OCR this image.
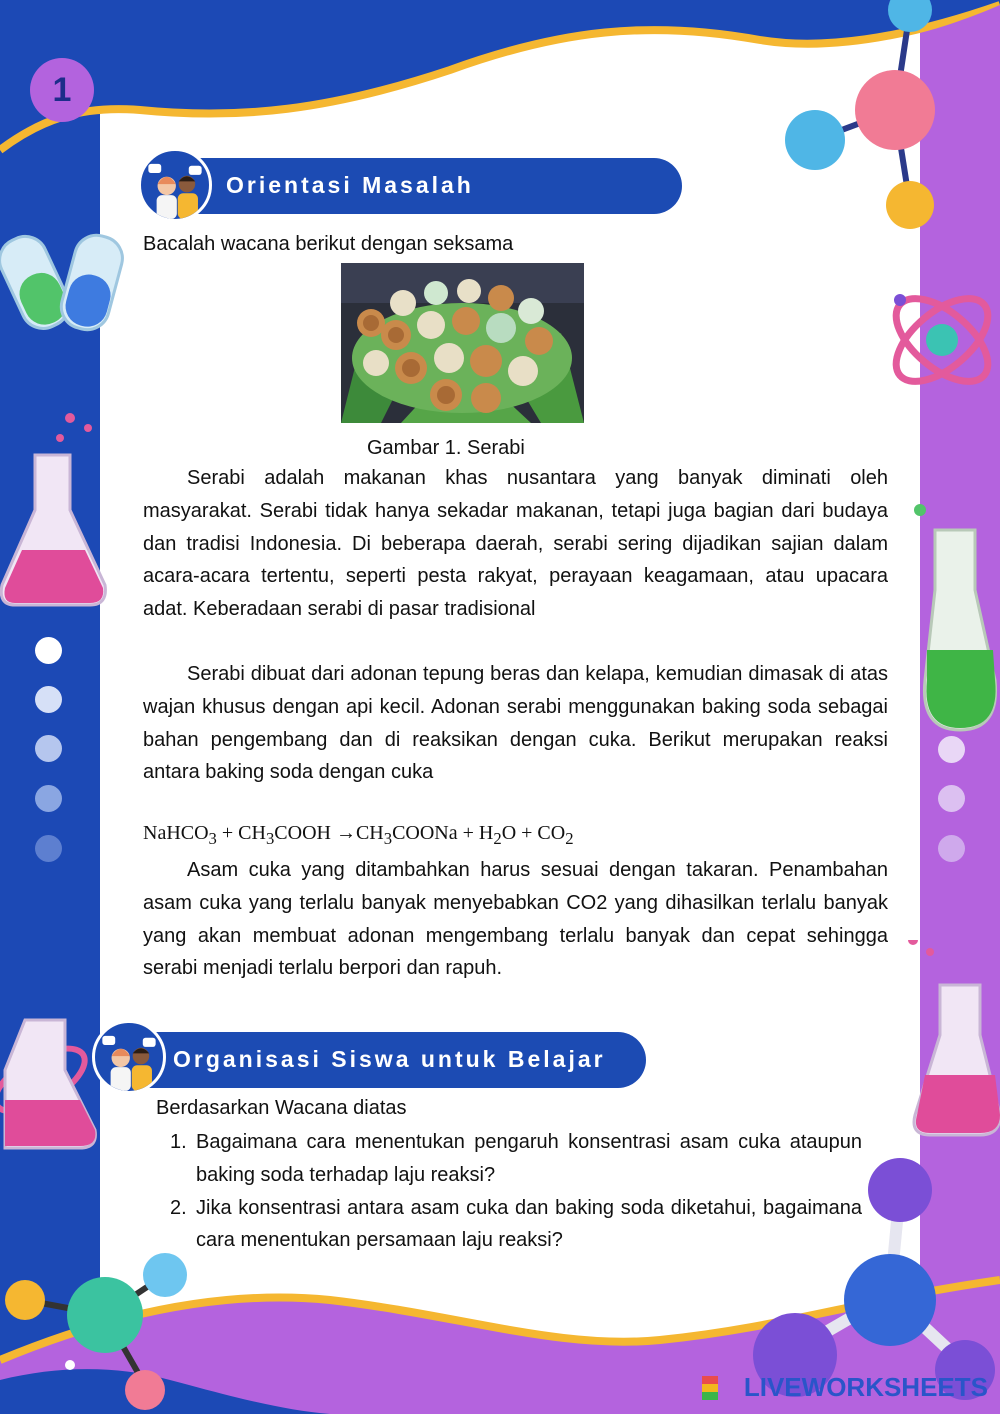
1
Orientasi Masalah
Bacalah wacana berikut dengan seksama
Gambar 1. Serabi

Serabi adalah makanan khas nusantara yang banyak diminati oleh masyarakat. Serabi tidak hanya sekadar makanan, tetapi juga bagian dari budaya dan tradisi Indonesia. Di beberapa daerah, serabi sering dijadikan sajian dalam acara-acara tertentu, seperti pesta rakyat, perayaan keagamaan, atau upacara adat. Keberadaan serabi di pasar tradisional

Serabi dibuat dari adonan tepung beras dan kelapa, kemudian dimasak di atas wajan khusus dengan api kecil. Adonan serabi menggunakan baking soda sebagai bahan pengembang dan di reaksikan dengan cuka. Berikut merupakan reaksi antara baking soda dengan cuka

NaHCO$_3$ + $CH_3COOH$ $\to CH_3COONa + H_2O + CO_2$

Asam cuka yang ditambahkan harus sesuai dengan takaran. Penambahan asam cuka yang terlalu banyak menyebabkan CO2 yang dihasilkan terlalu banyak yang akan membuat adonan mengembang terlalu banyak dan cepat sehingga serabi menjadi terlalu berpori dan rapuh.

Organisasi Siswa untuk Belajar
Berdasarkan Wacana diatas
1. Bagaimana cara menentukan pengaruh konsentrasi asam cuka ataupun baking soda terhadap laju reaksi?
2. Jika konsentrasi antara asam cuka dan baking soda diketahui, bagaimana cara menentukan persamaan laju reaksi?
LIVEWORKSHEETS
